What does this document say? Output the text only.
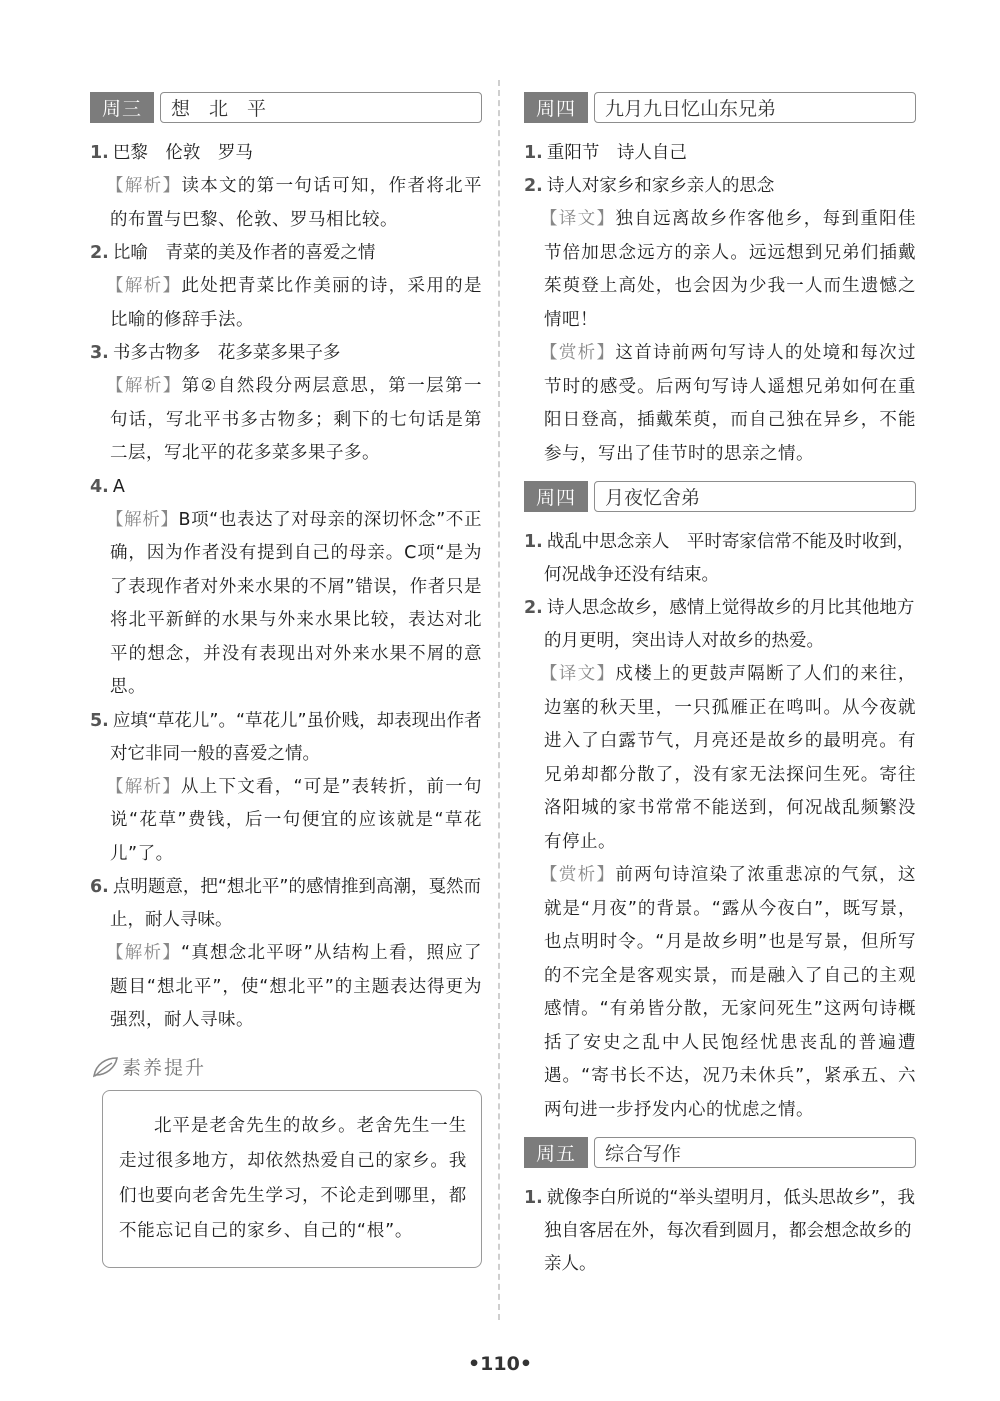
周三	想　北　平
1. 巴黎　伦敦　罗马
【解析】读本文的第一句话可知，作者将北平的布置与巴黎、伦敦、罗马相比较。
2. 比喻　青菜的美及作者的喜爱之情
【解析】此处把青菜比作美丽的诗，采用的是比喻的修辞手法。
3. 书多古物多　花多菜多果子多
【解析】第②自然段分两层意思，第一层第一句话，写北平书多古物多；剩下的七句话是第二层，写北平的花多菜多果子多。
4. A
【解析】B项“也表达了对母亲的深切怀念”不正确，因为作者没有提到自己的母亲。C项“是为了表现作者对外来水果的不屑”错误，作者只是将北平新鲜的水果与外来水果比较，表达对北平的想念，并没有表现出对外来水果不屑的意思。
5. 应填“草花儿”。“草花儿”虽价贱，却表现出作者对它非同一般的喜爱之情。
【解析】从上下文看，“可是”表转折，前一句说“花草”费钱，后一句便宜的应该就是“草花儿”了。
6. 点明题意，把“想北平”的感情推到高潮，戛然而止，耐人寻味。
【解析】“真想念北平呀”从结构上看，照应了题目“想北平”，使“想北平”的主题表达得更为强烈，耐人寻味。
素养提升

北平是老舍先生的故乡。老舍先生一生走过很多地方，却依然热爱自己的家乡。我们也要向老舍先生学习，不论走到哪里，都不能忘记自己的家乡、自己的“根”。

周四	九月九日忆山东兄弟
1. 重阳节　诗人自己
2. 诗人对家乡和家乡亲人的思念
【译文】独自远离故乡作客他乡，每到重阳佳节倍加思念远方的亲人。远远想到兄弟们插戴茱萸登上高处，也会因为少我一人而生遗憾之情吧！
【赏析】这首诗前两句写诗人的处境和每次过节时的感受。后两句写诗人遥想兄弟如何在重阳日登高，插戴茱萸，而自己独在异乡，不能参与，写出了佳节时的思亲之情。
周四	月夜忆舍弟
1. 战乱中思念亲人　平时寄家信常不能及时收到，何况战争还没有结束。
2. 诗人思念故乡，感情上觉得故乡的月比其他地方的月更明，突出诗人对故乡的热爱。
【译文】戍楼上的更鼓声隔断了人们的来往，边塞的秋天里，一只孤雁正在鸣叫。从今夜就进入了白露节气，月亮还是故乡的最明亮。有兄弟却都分散了，没有家无法探问生死。寄往洛阳城的家书常常不能送到，何况战乱频繁没有停止。
【赏析】前两句诗渲染了浓重悲凉的气氛，这就是“月夜”的背景。“露从今夜白”，既写景，也点明时令。“月是故乡明”也是写景，但所写的不完全是客观实景，而是融入了自己的主观感情。“有弟皆分散，无家问死生”这两句诗概括了安史之乱中人民饱经忧患丧乱的普遍遭遇。“寄书长不达，况乃未休兵”，紧承五、六两句进一步抒发内心的忧虑之情。
周五	综合写作
1. 就像李白所说的“举头望明月，低头思故乡”，我独自客居在外，每次看到圆月，都会想念故乡的亲人。
•110•
